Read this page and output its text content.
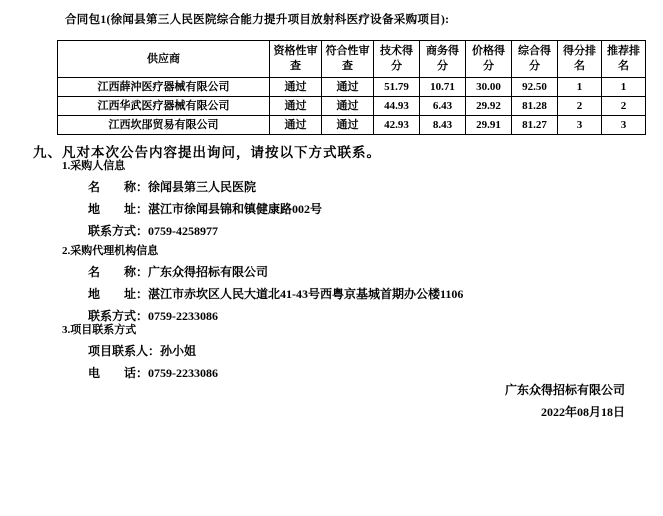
合同包1(徐闻县第三人民医院综合能力提升项目放射科医疗设备采购项目):
供应商	资格性审查	符合性审查	技术得分	商务得分	价格得分	综合得分	得分排名	推荐排名
江西薛沖医疗器械有限公司	通过	通过	51.79	10.71	30.00	92.50	1	1
江西华武医疗器械有限公司	通过	通过	44.93	6.43	29.92	81.28	2	2
江西坎郘贸易有限公司	通过	通过	42.93	8.43	29.91	81.27	3	3
九、凡对本次公告内容提出询问，请按以下方式联系。
1.采购人信息
名　　称：徐闻县第三人民医院
地　　址：湛江市徐闻县锦和镇健康路002号
联系方式：0759-4258977
2.采购代理机构信息
名　　称：广东众得招标有限公司
地　　址：湛江市赤坎区人民大道北41-43号西粤京基城首期办公楼1106
联系方式：0759-2233086
3.项目联系方式
项目联系人：孙小姐
电　　话：0759-2233086
广东众得招标有限公司
2022年08月18日
